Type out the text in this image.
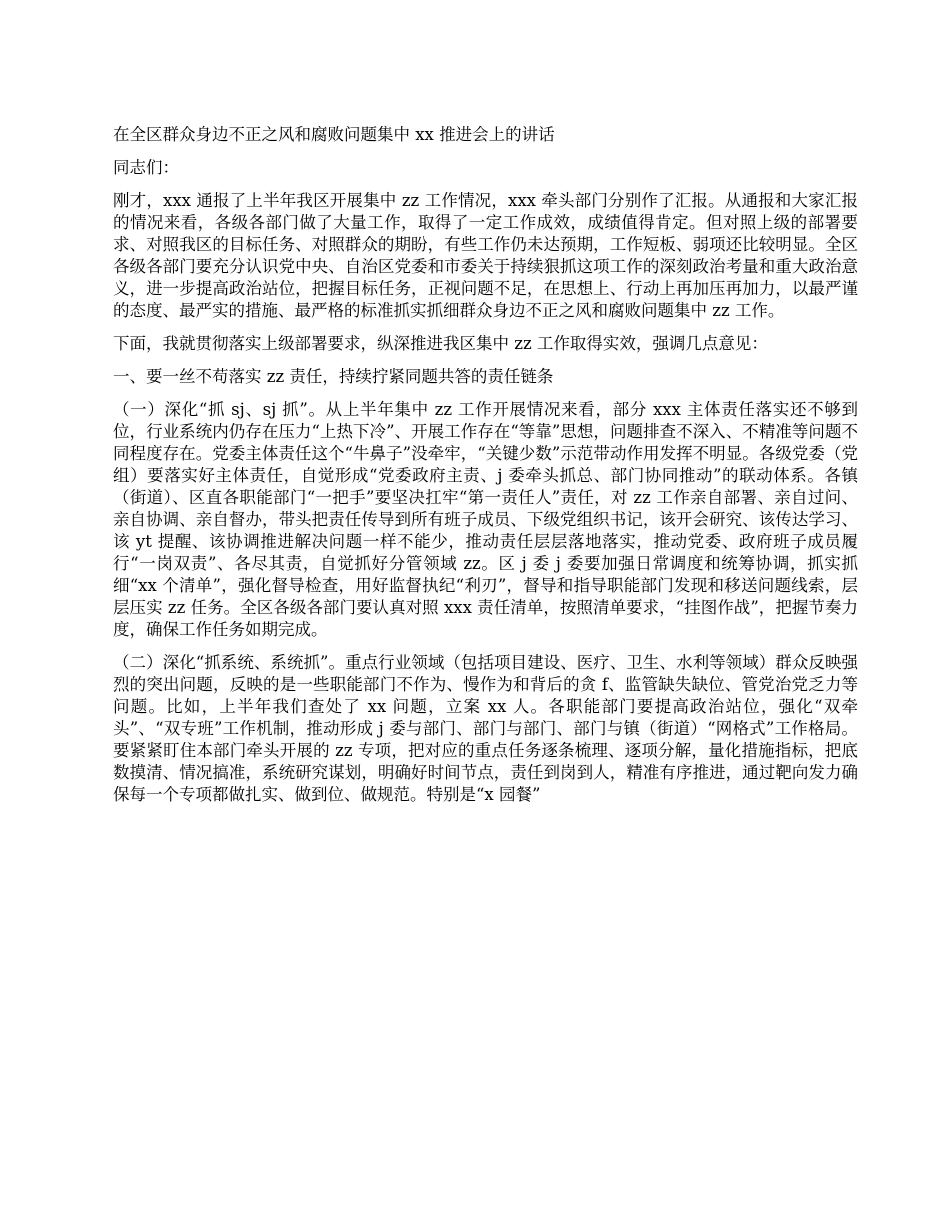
在全区群众身边不正之风和腐败问题集中 xx 推进会上的讲话

同志们：

刚才，xxx 通报了上半年我区开展集中 zz 工作情况，xxx 牵头部门分别作了汇报。从通报和大家汇报的情况来看，各级各部门做了大量工作，取得了一定工作成效，成绩值得肯定。但对照上级的部署要求、对照我区的目标任务、对照群众的期盼，有些工作仍未达预期，工作短板、弱项还比较明显。全区各级各部门要充分认识党中央、自治区党委和市委关于持续狠抓这项工作的深刻政治考量和重大政治意义，进一步提高政治站位，把握目标任务，正视问题不足，在思想上、行动上再加压再加力，以最严谨的态度、最严实的措施、最严格的标准抓实抓细群众身边不正之风和腐败问题集中 zz 工作。

下面，我就贯彻落实上级部署要求，纵深推进我区集中 zz 工作取得实效，强调几点意见：

一、要一丝不苟落实 zz 责任，持续拧紧同题共答的责任链条

（一）深化“抓 sj、sj 抓”。从上半年集中 zz 工作开展情况来看，部分 xxx 主体责任落实还不够到位，行业系统内仍存在压力“上热下冷”、开展工作存在“等靠”思想，问题排查不深入、不精准等问题不同程度存在。党委主体责任这个“牛鼻子”没牵牢，“关键少数”示范带动作用发挥不明显。各级党委（党组）要落实好主体责任，自觉形成“党委政府主责、j 委牵头抓总、部门协同推动”的联动体系。各镇（街道）、区直各职能部门“一把手”要坚决扛牢“第一责任人”责任，对 zz 工作亲自部署、亲自过问、亲自协调、亲自督办，带头把责任传导到所有班子成员、下级党组织书记，该开会研究、该传达学习、该 yt 提醒、该协调推进解决问题一样不能少，推动责任层层落地落实，推动党委、政府班子成员履行“一岗双责”、各尽其责，自觉抓好分管领域 zz。区 j 委 j 委要加强日常调度和统筹协调，抓实抓细“xx 个清单”，强化督导检查，用好监督执纪“利刃”，督导和指导职能部门发现和移送问题线索，层层压实 zz 任务。全区各级各部门要认真对照 xxx 责任清单，按照清单要求，“挂图作战”，把握节奏力度，确保工作任务如期完成。

（二）深化“抓系统、系统抓”。重点行业领域（包括项目建设、医疗、卫生、水利等领域）群众反映强烈的突出问题，反映的是一些职能部门不作为、慢作为和背后的贪 f、监管缺失缺位、管党治党乏力等问题。比如，上半年我们查处了 xx 问题，立案 xx 人。各职能部门要提高政治站位，强化“双牵头”、“双专班”工作机制，推动形成 j 委与部门、部门与部门、部门与镇（街道）“网格式”工作格局。要紧紧盯住本部门牵头开展的 zz 专项，把对应的重点任务逐条梳理、逐项分解，量化措施指标，把底数摸清、情况搞准，系统研究谋划，明确好时间节点，责任到岗到人，精准有序推进，通过靶向发力确保每一个专项都做扎实、做到位、做规范。特别是“x 园餐”
